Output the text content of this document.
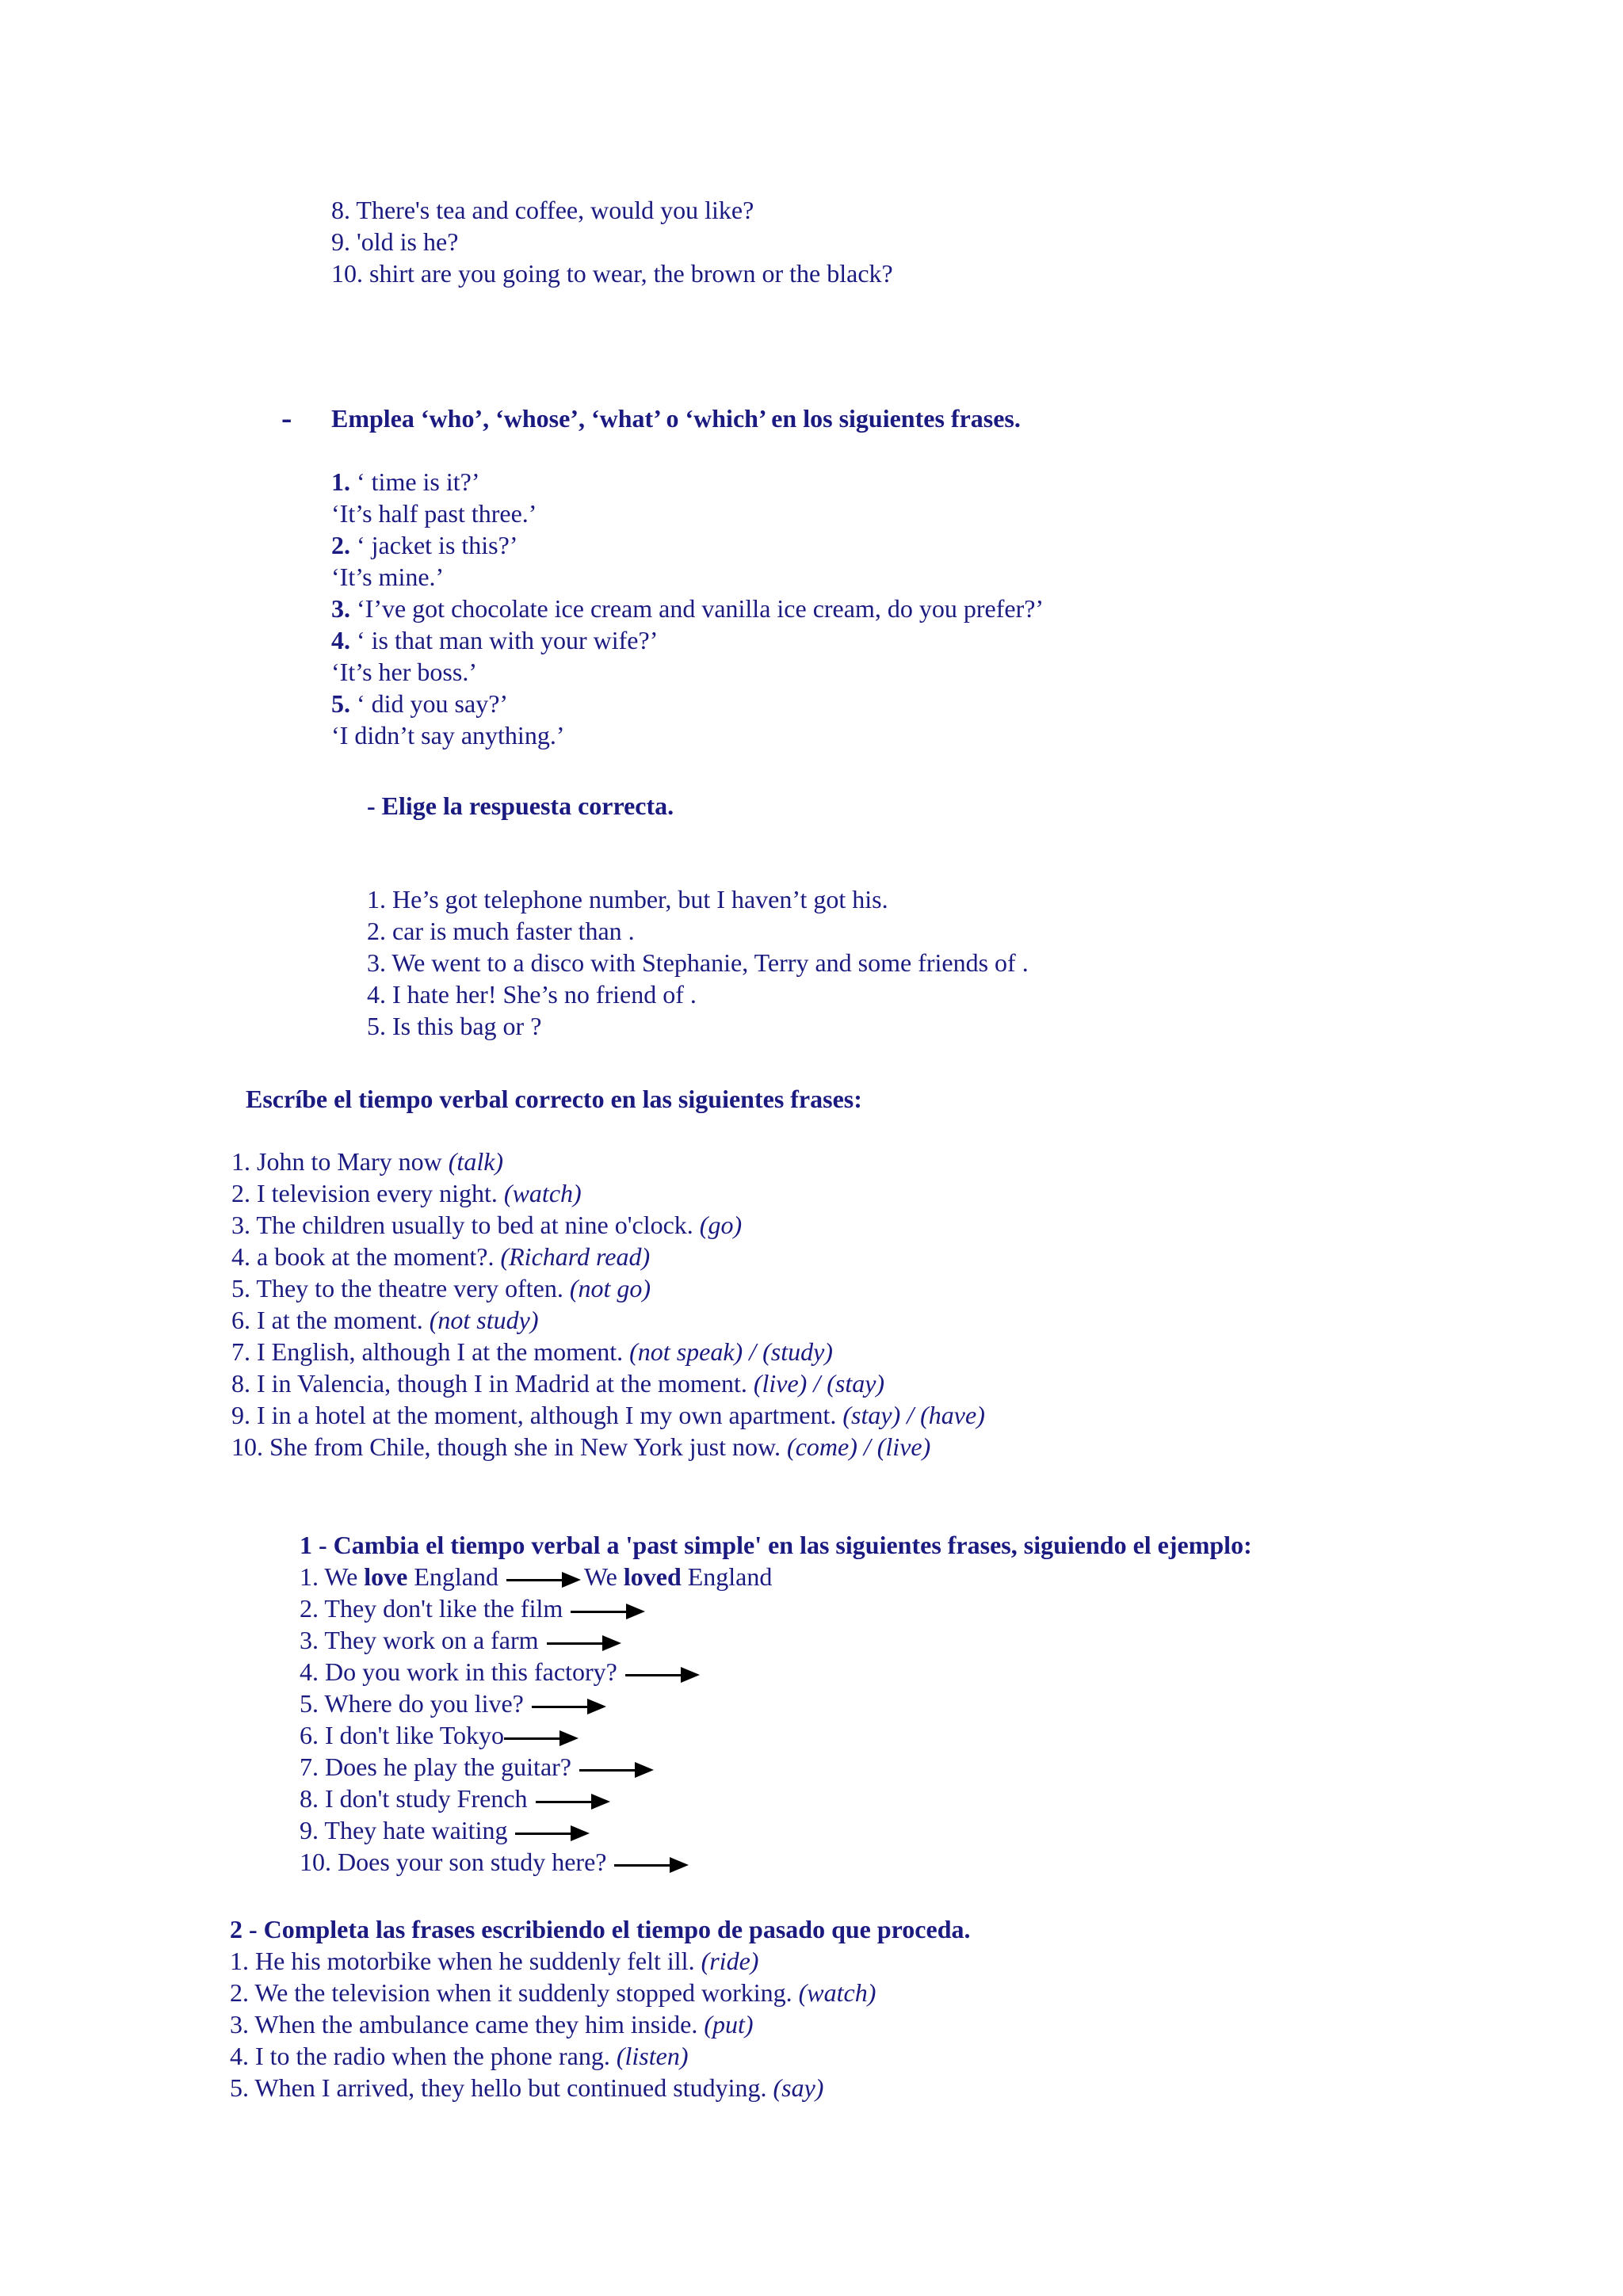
8. There's tea and coffee, would you like?
9. 'old is he?
10. shirt are you going to wear, the brown or the black?
- Emplea ‘who’, ‘whose’, ‘what’ o ‘which’ en los siguientes frases.
1. ‘ time is it?’
‘It’s half past three.’
2. ‘ jacket is this?’
‘It’s mine.’
3. ‘I’ve got chocolate ice cream and vanilla ice cream, do you prefer?’
4. ‘ is that man with your wife?’
‘It’s her boss.’
5. ‘ did you say?’
‘I didn’t say anything.’
- Elige la respuesta correcta.
1. He’s got telephone number, but I haven’t got his.
2. car is much faster than .
3. We went to a disco with Stephanie, Terry and some friends of .
4. I hate her! She’s no friend of .
5. Is this bag or ?
Escríbe el tiempo verbal correcto en las siguientes frases:
1. John to Mary now (talk)
2. I television every night. (watch)
3. The children usually to bed at nine o'clock. (go)
4. a book at the moment?. (Richard read)
5. They to the theatre very often. (not go)
6. I at the moment. (not study)
7. I English, although I at the moment. (not speak) / (study)
8. I in Valencia, though I in Madrid at the moment. (live) / (stay)
9. I in a hotel at the moment, although I my own apartment. (stay) / (have)
10. She from Chile, though she in New York just now. (come) / (live)
1 - Cambia el tiempo verbal a 'past simple' en las siguientes frases, siguiendo el ejemplo:
1. We love England	We loved England
2. They don't like the film
3. They work on a farm
4. Do you work in this factory?
5. Where do you live?
6. I don't like Tokyo
7. Does he play the guitar?
8. I don't study French
9. They hate waiting
10. Does your son study here?
2 - Completa las frases escribiendo el tiempo de pasado que proceda.
1. He his motorbike when he suddenly felt ill. (ride)
2. We the television when it suddenly stopped working. (watch)
3. When the ambulance came they him inside. (put)
4. I to the radio when the phone rang. (listen)
5. When I arrived, they hello but continued studying. (say)
